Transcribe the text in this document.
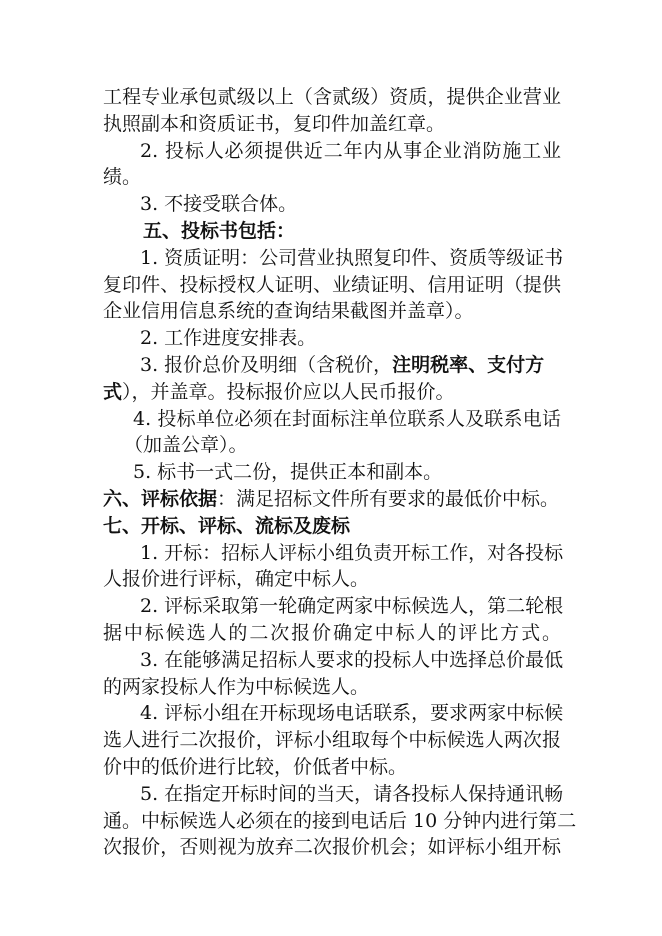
工程专业承包贰级以上（含贰级）资质，提供企业营业
执照副本和资质证书，复印件加盖红章。
2. 投标人必须提供近二年内从事企业消防施工业
绩。
3. 不接受联合体。
五、投标书包括：
1. 资质证明：公司营业执照复印件、资质等级证书
复印件、投标授权人证明、业绩证明、信用证明（提供
企业信用信息系统的查询结果截图并盖章）。
2. 工作进度安排表。
3. 报价总价及明细（含税价，注明税率、支付方
式），并盖章。投标报价应以人民币报价。
4. 投标单位必须在封面标注单位联系人及联系电话
（加盖公章）。
5. 标书一式二份，提供正本和副本。
六、评标依据：满足招标文件所有要求的最低价中标。
七、开标、评标、流标及废标
1. 开标：招标人评标小组负责开标工作，对各投标
人报价进行评标，确定中标人。
2. 评标采取第一轮确定两家中标候选人，第二轮根
据中标候选人的二次报价确定中标人的评比方式。
3. 在能够满足招标人要求的投标人中选择总价最低
的两家投标人作为中标候选人。
4. 评标小组在开标现场电话联系，要求两家中标候
选人进行二次报价，评标小组取每个中标候选人两次报
价中的低价进行比较，价低者中标。
5. 在指定开标时间的当天，请各投标人保持通讯畅
通。中标候选人必须在的接到电话后 10 分钟内进行第二
次报价，否则视为放弃二次报价机会；如评标小组开标
